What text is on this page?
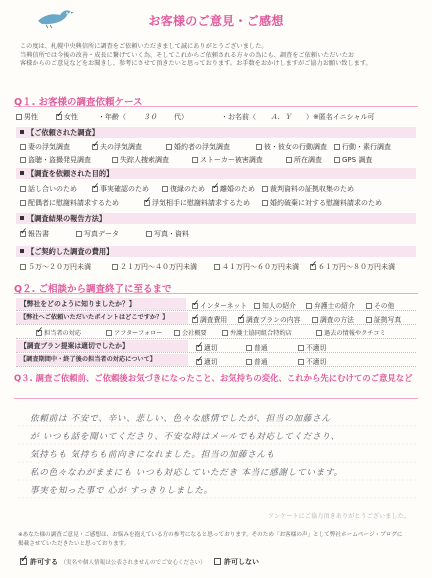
お客様のご意見・ご感想
この度は、札幌中央興信所に調査をご依頼いただきまして誠にありがとうございました。
当興信所では今後の改善・成長に繋げていく為、そしてこれからご依頼される方々の為にも、調査をご依頼いただいたお
客様からのご意見などをお聞きし、参考にさせて頂きたいと思っております。お手数をおかけしますがご協力お願い致します。
Q１. お客様の調査依頼ケース
男性 ✓	女性	・年齢（ ３０ 代）	・お名前（ Ａ．Ｙ ）※匿名イニシャル可
【ご依頼された調査】
妻の浮気調査 ✓	夫の浮気調査	婚約者の浮気調査	彼・彼女の行動調査	行動・素行調査
盗聴・盗撮発見調査	失踪人捜索調査	ストーカー被害調査	所在調査	GPS 調査
【調査を依頼された目的】
話し合いのため ✓	事実確認のため	復縁のため ✓	離婚のため	裁判資料の証拠収集のため
配偶者に慰謝料請求するため ✓	浮気相手に慰謝料請求するため	婚約破棄に対する慰謝料請求のため
【調査結果の報告方法】
✓報告書	写真データ	写真・資料
【ご契約した調査の費用】
５万～２０万円未満	２１万円～４０万円未満	４１万円～６０万円未満 ✓	６１万円～８０万円未満
Q２. ご相談から調査終了に至るまで
【弊社をどのように知りましたか？】 ✓	インターネット	知人の紹介	弁護士の紹介	その他
【弊社へご依頼いただいたポイントはどこですか？】 ✓	調査費用 ✓	調査プランの内容	調査の方法	証拠写真
✓担当者の対応	アフターフォロー	会社概要	弁護士協同組合特約店	過去の情報やクチコミ
【調査プラン提案は適切でしたか】 ✓	適切	普通	不適切
【調査期間中・終了後の担当者の対応について】 ✓	適切	普通	不適切
Q３. 調査ご依頼前、ご依頼後お気づきになったこと、お気持ちの変化、これから先にむけてのご意見など
依頼前は 不安で、辛い、悲しい、色々な感情でしたが、担当の加藤さん
が いつも話を聞いてくださり、不安な時はメールでも対応してくださり、
気持ちも 気持ちも前向きになれました。担当の加藤さんも
私の色々なわがままにも いつも対応していただき 本当に感謝しています。
事実を知った事で 心が すっきりしました。
アンケートにご協力頂きありがとうございました。
※あなた様の調査ご意見・ご感想は、お悩みを抱えている方の参考になると思っております。そのため「お客様の声」として弊社ホームページ・ブログに
掲載させていただきたいと思っております。
✓許可する （実名や個人情報は公表されませんのでご安心ください）	許可しない
